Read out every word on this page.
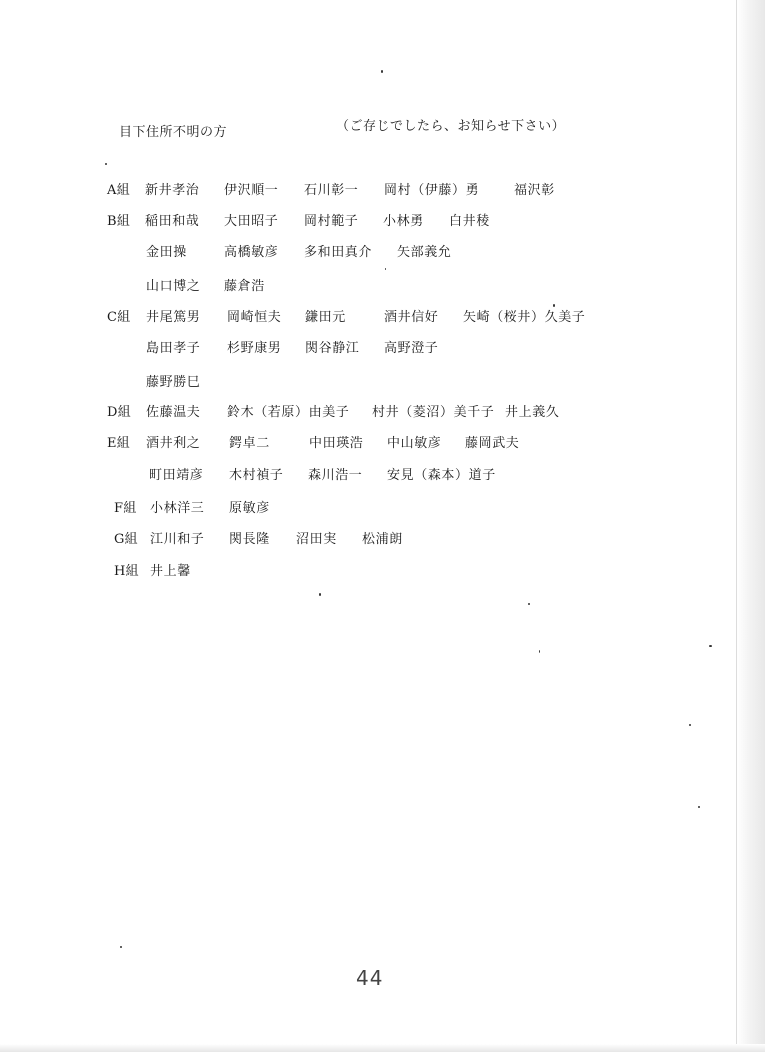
目下住所不明の方	（ご存じでしたら、お知らせ下さい）
A組 新井孝治 伊沢順一 石川彰一 岡村（伊藤）勇	福沢彰
B組 稲田和哉 大田昭子 岡村範子 小林勇 白井稜
金田操	高橋敏彦 多和田真介 矢部義允
山口博之 藤倉浩
C組 井尾篤男 岡崎恒夫 鎌田元	酒井信好 矢崎（桜井）久美子
島田孝子 杉野康男 関谷静江 高野澄子
藤野勝巳
D組 佐藤温夫 鈴木（若原）由美子 村井（菱沼）美千子 井上義久
E組 酒井利之 鍔卓二	中田瑛浩 中山敏彦 藤岡武夫
町田靖彦 木村禎子 森川浩一 安見（森本）道子
F組 小林洋三 原敏彦
G組 江川和子 関長隆 沼田実 松浦朗
H組 井上馨
44
